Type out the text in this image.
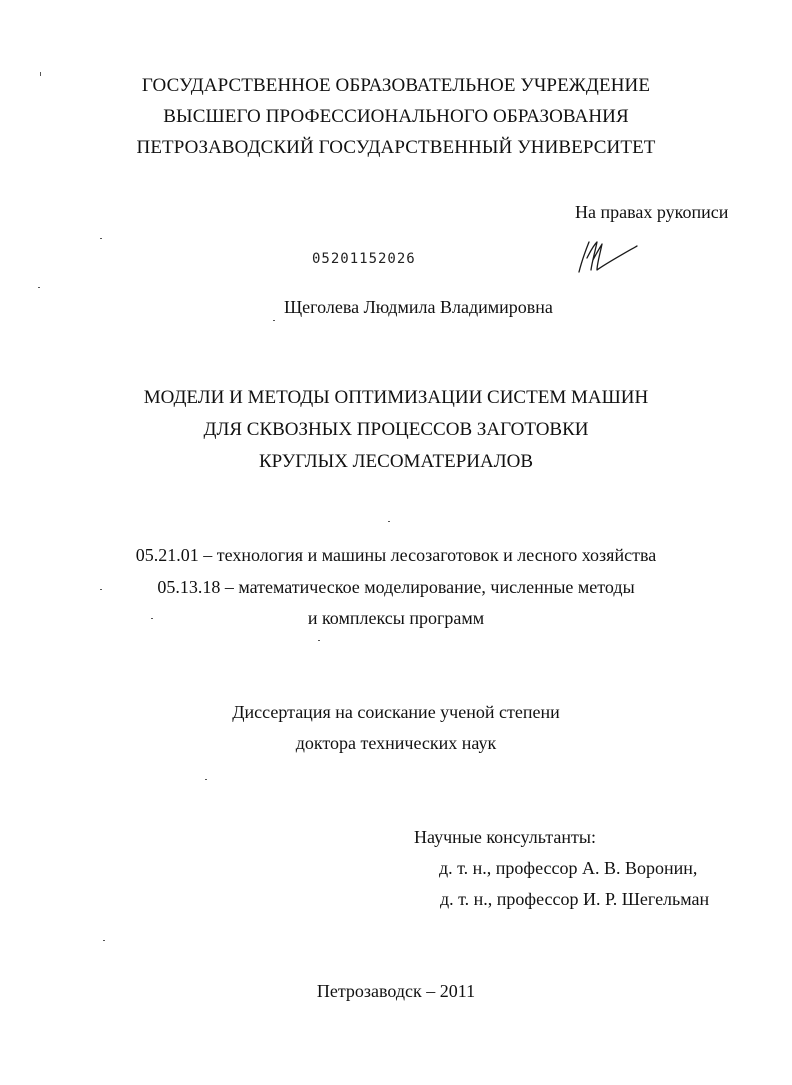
ГОСУДАРСТВЕННОЕ ОБРАЗОВАТЕЛЬНОЕ УЧРЕЖДЕНИЕ
ВЫСШЕГО ПРОФЕССИОНАЛЬНОГО ОБРАЗОВАНИЯ
ПЕТРОЗАВОДСКИЙ ГОСУДАРСТВЕННЫЙ УНИВЕРСИТЕТ
На правах рукописи
05201152026
Щеголева Людмила Владимировна
МОДЕЛИ И МЕТОДЫ ОПТИМИЗАЦИИ СИСТЕМ МАШИН
ДЛЯ СКВОЗНЫХ ПРОЦЕССОВ ЗАГОТОВКИ
КРУГЛЫХ ЛЕСОМАТЕРИАЛОВ
05.21.01 – технология и машины лесозаготовок и лесного хозяйства
05.13.18 – математическое моделирование, численные методы
и комплексы программ
Диссертация на соискание ученой степени
доктора технических наук
Научные консультанты:
д. т. н., профессор А. В. Воронин,
д. т. н., профессор И. Р. Шегельман
Петрозаводск – 2011
